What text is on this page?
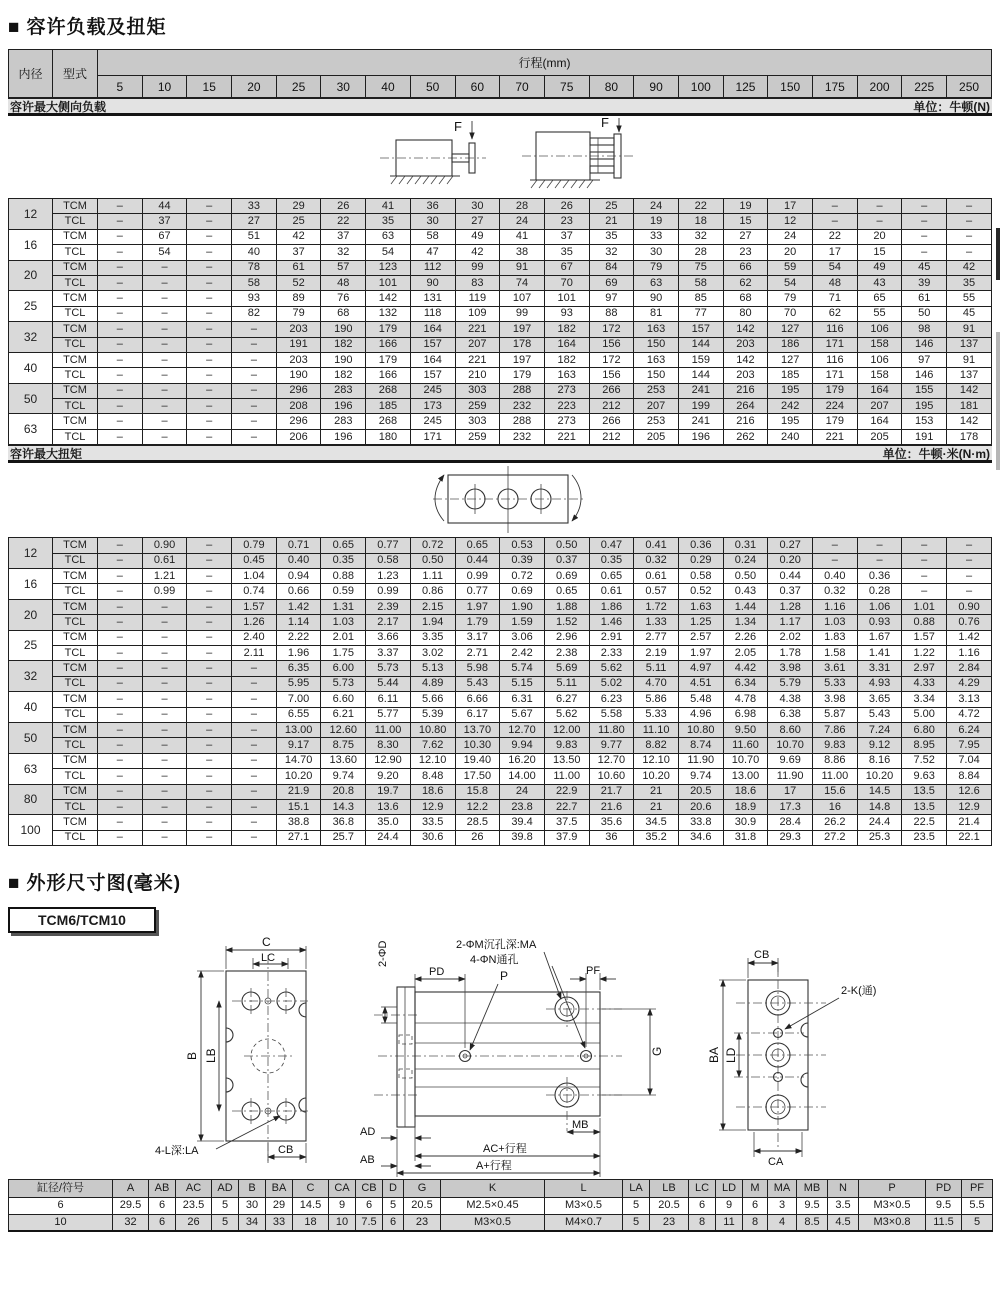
■ 容许负载及扭矩
内径	型式	行程(mm)																			
		5	10	15	20	25	30	40	50	60	70	75	80	90	100	125	150	175	200	225	250
容许最大侧向负载	单位：牛顿(N)
F	F
12	TCM	–	44	–	33	29	26	41	36	30	28	26	25	24	22	19	17	–	–	–	–
	TCL	–	37	–	27	25	22	35	30	27	24	23	21	19	18	15	12	–	–	–	–
16	TCM	–	67	–	51	42	37	63	58	49	41	37	35	33	32	27	24	22	20	–	–
	TCL	–	54	–	40	37	32	54	47	42	38	35	32	30	28	23	20	17	15	–	–
20	TCM	–	–	–	78	61	57	123	112	99	91	67	84	79	75	66	59	54	49	45	42
	TCL	–	–	–	58	52	48	101	90	83	74	70	69	63	58	62	54	48	43	39	35
25	TCM	–	–	–	93	89	76	142	131	119	107	101	97	90	85	68	79	71	65	61	55
	TCL	–	–	–	82	79	68	132	118	109	99	93	88	81	77	80	70	62	55	50	45
32	TCM	–	–	–	–	203	190	179	164	221	197	182	172	163	157	142	127	116	106	98	91
	TCL	–	–	–	–	191	182	166	157	207	178	164	156	150	144	203	186	171	158	146	137
40	TCM	–	–	–	–	203	190	179	164	221	197	182	172	163	159	142	127	116	106	97	91
	TCL	–	–	–	–	190	182	166	157	210	179	163	156	150	144	203	185	171	158	146	137
50	TCM	–	–	–	–	296	283	268	245	303	288	273	266	253	241	216	195	179	164	155	142
	TCL	–	–	–	–	208	196	185	173	259	232	223	212	207	199	264	242	224	207	195	181
63	TCM	–	–	–	–	296	283	268	245	303	288	273	266	253	241	216	195	179	164	153	142
	TCL	–	–	–	–	206	196	180	171	259	232	221	212	205	196	262	240	221	205	191	178
容许最大扭矩	单位：牛顿·米(N·m)
12	TCM	–	0.90	–	0.79	0.71	0.65	0.77	0.72	0.65	0.53	0.50	0.47	0.41	0.36	0.31	0.27	–	–	–	–
	TCL	–	0.61	–	0.45	0.40	0.35	0.58	0.50	0.44	0.39	0.37	0.35	0.32	0.29	0.24	0.20	–	–	–	–
16	TCM	–	1.21	–	1.04	0.94	0.88	1.23	1.11	0.99	0.72	0.69	0.65	0.61	0.58	0.50	0.44	0.40	0.36	–	–
	TCL	–	0.99	–	0.74	0.66	0.59	0.99	0.86	0.77	0.69	0.65	0.61	0.57	0.52	0.43	0.37	0.32	0.28	–	–
20	TCM	–	–	–	1.57	1.42	1.31	2.39	2.15	1.97	1.90	1.88	1.86	1.72	1.63	1.44	1.28	1.16	1.06	1.01	0.90
	TCL	–	–	–	1.26	1.14	1.03	2.17	1.94	1.79	1.59	1.52	1.46	1.33	1.25	1.34	1.17	1.03	0.93	0.88	0.76
25	TCM	–	–	–	2.40	2.22	2.01	3.66	3.35	3.17	3.06	2.96	2.91	2.77	2.57	2.26	2.02	1.83	1.67	1.57	1.42
	TCL	–	–	–	2.11	1.96	1.75	3.37	3.02	2.71	2.42	2.38	2.33	2.19	1.97	2.05	1.78	1.58	1.41	1.22	1.16
32	TCM	–	–	–	–	6.35	6.00	5.73	5.13	5.98	5.74	5.69	5.62	5.11	4.97	4.42	3.98	3.61	3.31	2.97	2.84
	TCL	–	–	–	–	5.95	5.73	5.44	4.89	5.43	5.15	5.11	5.02	4.70	4.51	6.34	5.79	5.33	4.93	4.33	4.29
40	TCM	–	–	–	–	7.00	6.60	6.11	5.66	6.66	6.31	6.27	6.23	5.86	5.48	4.78	4.38	3.98	3.65	3.34	3.13
	TCL	–	–	–	–	6.55	6.21	5.77	5.39	6.17	5.67	5.62	5.58	5.33	4.96	6.98	6.38	5.87	5.43	5.00	4.72
50	TCM	–	–	–	–	13.00	12.60	11.00	10.80	13.70	12.70	12.00	11.80	11.10	10.80	9.50	8.60	7.86	7.24	6.80	6.24
	TCL	–	–	–	–	9.17	8.75	8.30	7.62	10.30	9.94	9.83	9.77	8.82	8.74	11.60	10.70	9.83	9.12	8.95	7.95
63	TCM	–	–	–	–	14.70	13.60	12.90	12.10	19.40	16.20	13.50	12.70	12.10	11.90	10.70	9.69	8.86	8.16	7.52	7.04
	TCL	–	–	–	–	10.20	9.74	9.20	8.48	17.50	14.00	11.00	10.60	10.20	9.74	13.00	11.90	11.00	10.20	9.63	8.84
80	TCM	–	–	–	–	21.9	20.8	19.7	18.6	15.8	24	22.9	21.7	21	20.5	18.6	17	15.6	14.5	13.5	12.6
	TCL	–	–	–	–	15.1	14.3	13.6	12.9	12.2	23.8	22.7	21.6	21	20.6	18.9	17.3	16	14.8	13.5	12.9
100	TCM	–	–	–	–	38.8	36.8	35.0	33.5	28.5	39.4	37.5	35.6	34.5	33.8	30.9	28.4	26.2	24.4	22.5	21.4
	TCL	–	–	–	–	27.1	25.7	24.4	30.6	26	39.8	37.9	36	35.2	34.6	31.8	29.3	27.2	25.3	23.5	22.1
■ 外形尺寸图(毫米)
TCM6/TCM10
C
LC
B LB
4-L深:LA	CB
2-ΦM沉孔深:MA
4-ΦN通孔
2-ΦD
PD	P	PF
G
MB
AD
AB
AC+行程
A+行程
CB
2-K(通)
BA LD
CA
缸径/符号	A	AB	AC	AD	B	BA	C	CA	CB	D	G	K	L	LA	LB	LC	LD	M	MA	MB	N	P	PD	PF
6	29.5	6	23.5	5	30	29	14.5	9	6	5	20.5	M2.5×0.45	M3×0.5	5	20.5	6	9	6	3	9.5	3.5	M3×0.5	9.5	5.5
10	32	6	26	5	34	33	18	10	7.5	6	23	M3×0.5	M4×0.7	5	23	8	11	8	4	8.5	4.5	M3×0.8	11.5	5
